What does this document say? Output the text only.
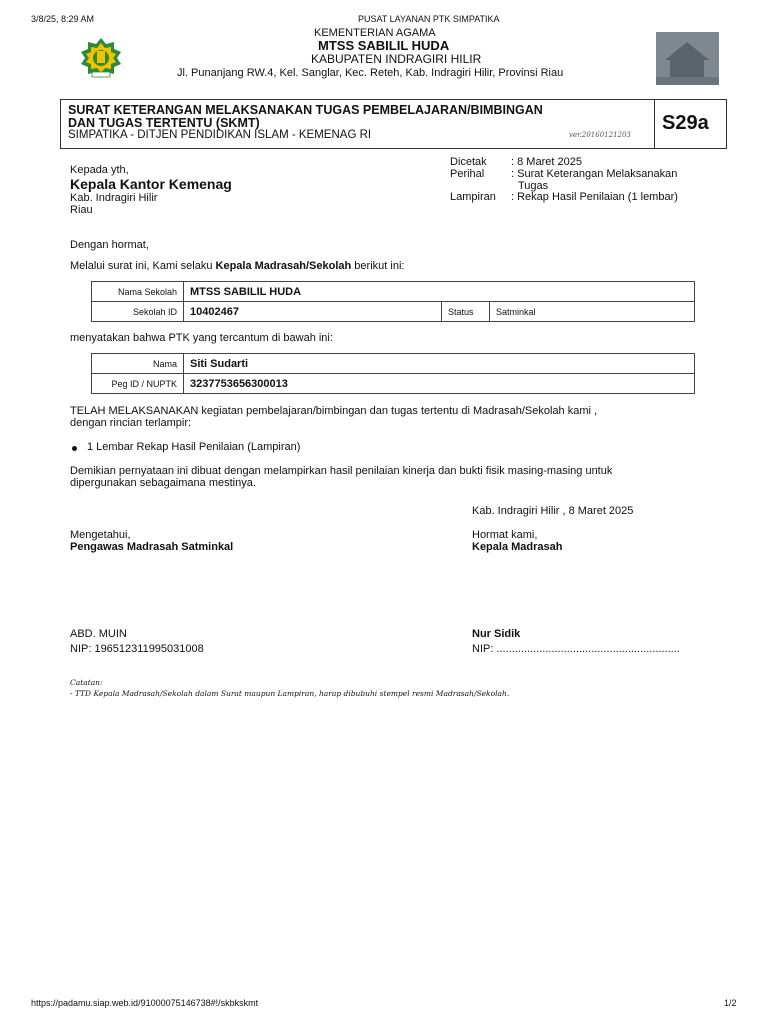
3/8/25, 8:29 AM	PUSAT LAYANAN PTK SIMPATIKA
KEMENTERIAN AGAMA
MTSS SABILIL HUDA
KABUPATEN INDRAGIRI HILIR
Jl. Punanjang RW.4, Kel. Sanglar, Kec. Reteh, Kab. Indragiri Hilir, Provinsi Riau
SURAT KETERANGAN MELAKSANAKAN TUGAS PEMBELAJARAN/BIMBINGAN
DAN TUGAS TERTENTU (SKMT)
SIMPATIKA - DITJEN PENDIDIKAN ISLAM - KEMENAG RI	ver.20160121203
S29a
Kepada yth,
Kepala Kantor Kemenag
Kab. Indragiri Hilir
Riau
Dicetak : 8 Maret 2025
Perihal : Surat Keterangan Melaksanakan
Tugas
Lampiran : Rekap Hasil Penilaian (1 lembar)
Dengan hormat,
Melalui surat ini, Kami selaku Kepala Madrasah/Sekolah berikut ini:
Nama Sekolah	MTSS SABILIL HUDA		
Sekolah ID	10402467	Status	Satminkal
menyatakan bahwa PTK yang tercantum di bawah ini:
Nama	Siti Sudarti
Peg ID / NUPTK	3237753656300013
TELAH MELAKSANAKAN kegiatan pembelajaran/bimbingan dan tugas tertentu di Madrasah/Sekolah kami ,
dengan rincian terlampir:
1 Lembar Rekap Hasil Penilaian (Lampiran)
Demikian pernyataan ini dibuat dengan melampirkan hasil penilaian kinerja dan bukti fisik masing-masing untuk
dipergunakan sebagaimana mestinya.
Kab. Indragiri Hilir , 8 Maret 2025
Mengetahui,
Pengawas Madrasah Satminkal
ABD. MUIN
NIP: 196512311995031008
Hormat kami,
Kepala Madrasah
Nur Sidik
NIP: ............................................................
Catatan:
- TTD Kepala Madrasah/Sekolah dalam Surat maupun Lampiran, harap dibubuhi stempel resmi Madrasah/Sekolah.
https://padamu.siap.web.id/91000075146738#!/skbkskmt	1/2
